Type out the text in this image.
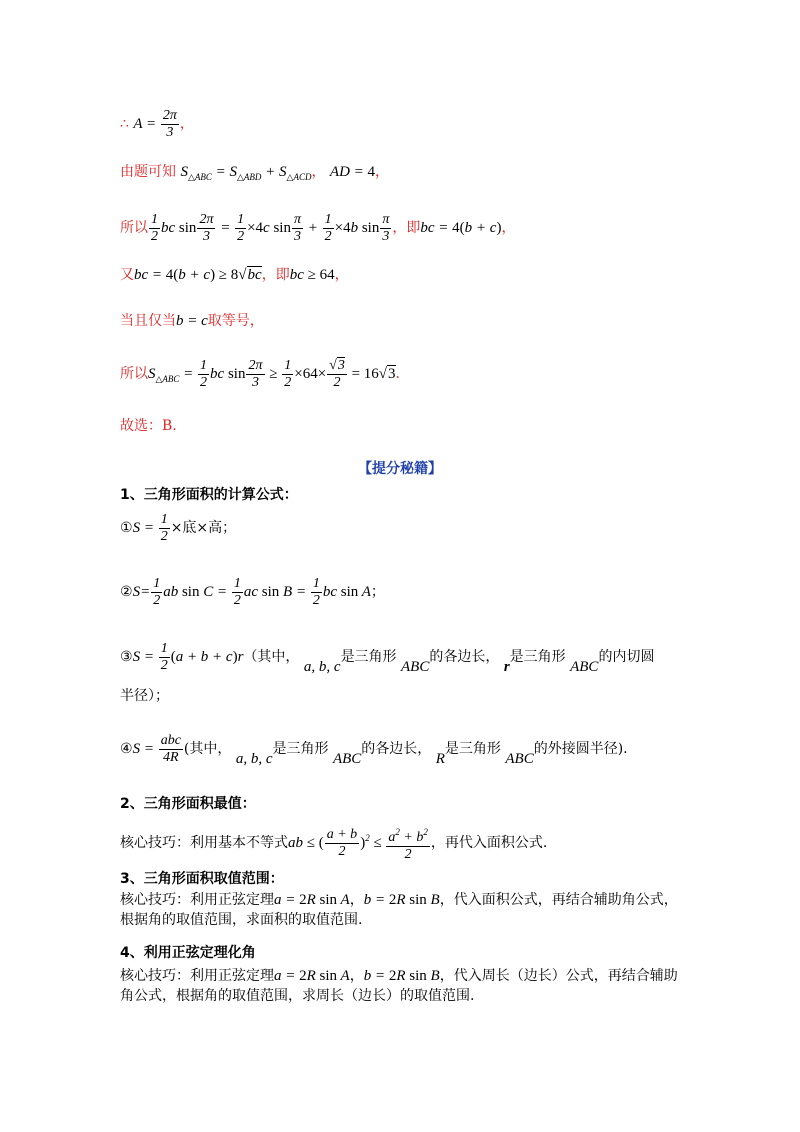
∴ $A = \frac{2\pi}{3}$ ，
由题可知 $S_{\triangle ABC} = S_{\triangle ABD} + S_{\triangle ACD}$， AD = 4，
所以 $\frac{1}{2}$ bc $\sin \frac{2\pi}{3} = \frac{1}{2} \times 4c$ $\sin \frac{\pi}{3} + \frac{1}{2} \times 4b$ $\sin \frac{\pi}{3}$ ，即bc = 4(b + c)，
又bc = 4(b + c) ≥ 8√bc，即bc ≥ 64，
当且仅当b = c取等号，
所以$S_{\triangle ABC} = \frac{1}{2}$ bc $\sin \frac{2\pi}{3} \ge \frac{1}{2} \times 64\times \frac{√3}{2} = 16√3$.
故选：B.
【提分秘籍】
1、三角形面积的计算公式：
①S = $\frac{1}{2}$ ×底×高；
②S= $\frac{1}{2}$ ab $\sin C = \frac{1}{2}$ ac $\sin B = \frac{1}{2}$ bc sin A；
③S = $\frac{1}{2} (a + b + c)r$（其中， a, b, c是三角形 ABC的各边长， r是三角形 ABC的内切圆
半径）；
④S = $\frac{\text{abc}}{4R}$ (其中， a, b, c是三角形 ABC的各边长， R是三角形 ABC的外接圆半径).
2、三角形面积最值：
核心技巧：利用基本不等式ab ≤ ( $\frac{a + b}{2} )^2 \le \frac{a^2 + b^2}{2}$ ，再代入面积公式.
3、三角形面积取值范围：
核心技巧：利用正弦定理a = 2R sin A，b = 2R sin B，代入面积公式，再结合辅助角公式，根据角的取值范围，求面积的取值范围.
4、利用正弦定理化角
核心技巧：利用正弦定理a = 2R sin A，b = 2R sin B，代入周长（边长）公式，再结合辅助角公式，根据角的取值范围，求周长（边长）的取值范围.
